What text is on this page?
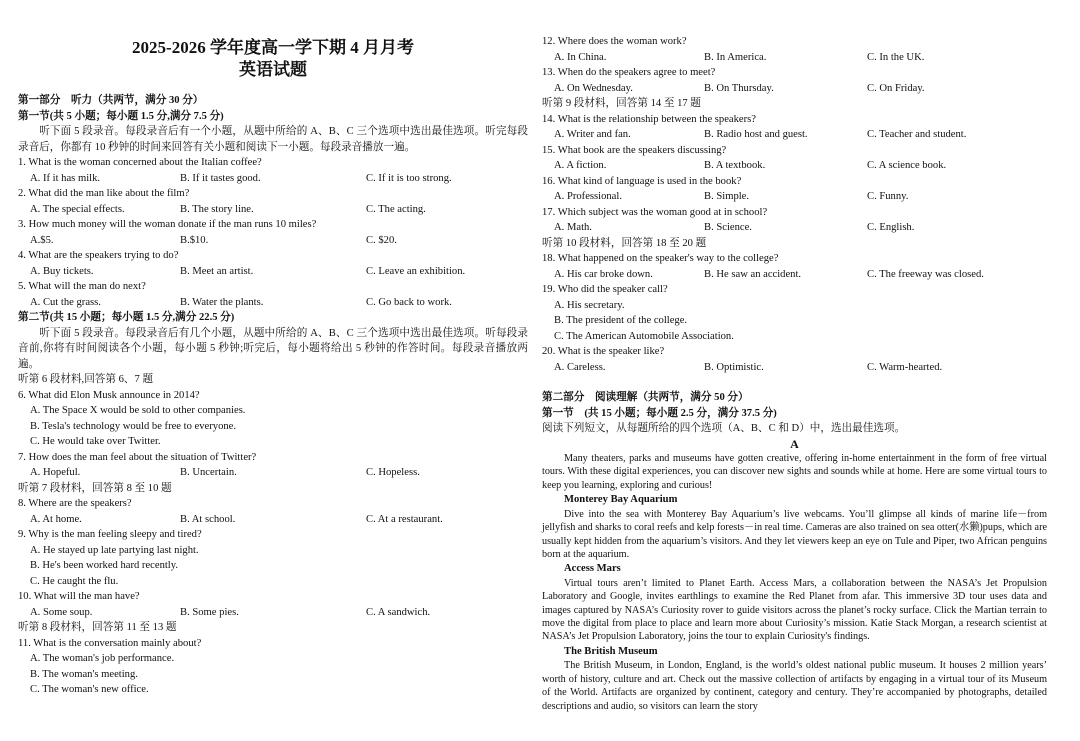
2025-2026 学年度高一学下期 4 月月考
英语试题
第一部分　听力（共两节，满分 30 分）
第一节(共 5 小题；每小题 1.5 分,满分 7.5 分)
听下面 5 段录音。每段录音后有一个小题，从题中所给的 A、B、C 三个选项中选出最佳选项。听完每段录音后，你都有 10 秒钟的时间来回答有关小题和阅读下一小题。每段录音播放一遍。
1. What is the woman concerned about the Italian coffee?
A. If it has milk.	B. If it tastes good.	C. If it is too strong.
2. What did the man like about the film?
A. The special effects.	B. The story line.	C. The acting.
3. How much money will the woman donate if the man runs 10 miles?
A.$5.	B.$10.	C. $20.
4. What are the speakers trying to do?
A. Buy tickets.	B. Meet an artist.	C. Leave an exhibition.
5. What will the man do next?
A. Cut the grass.	B. Water the plants.	C. Go back to work.
第二节(共 15 小题；每小题 1.5 分,满分 22.5 分)
听下面 5 段录音。每段录音后有几个小题，从题中所给的 A、B、C 三个选项中选出最佳选项。听每段录音前,你将有时间阅读各个小题，每小题 5 秒钟;听完后，每小题将给出 5 秒钟的作答时间。每段录音播放两遍。
听第 6 段材料,回答第 6、7 题
6. What did Elon Musk announce in 2014?
A. The Space X would be sold to other companies.
B. Tesla's technology would be free to everyone.
C. He would take over Twitter.
7. How does the man feel about the situation of Twitter?
A. Hopeful.	B. Uncertain.	C. Hopeless.
听第 7 段材料，回答第 8 至 10 题
8. Where are the speakers?
A. At home.	B. At school.	C. At a restaurant.
9. Why is the man feeling sleepy and tired?
A. He stayed up late partying last night.
B. He's been worked hard recently.
C. He caught the flu.
10. What will the man have?
A. Some soup.	B. Some pies.	C. A sandwich.
听第 8 段材料，回答第 11 至 13 题
11. What is the conversation mainly about?
A. The woman's job performance.
B. The woman's meeting.
C. The woman's new office.
12. Where does the woman work?
A. In China.	B. In America.	C. In the UK.
13. When do the speakers agree to meet?
A. On Wednesday.	B. On Thursday.	C. On Friday.
听第 9 段材料，回答第 14 至 17 题
14. What is the relationship between the speakers?
A. Writer and fan.	B. Radio host and guest.	C. Teacher and student.
15. What book are the speakers discussing?
A. A fiction.	B. A textbook.	C. A science book.
16. What kind of language is used in the book?
A. Professional.	B. Simple.	C. Funny.
17. Which subject was the woman good at in school?
A. Math.	B. Science.	C. English.
听第 10 段材料，回答第 18 至 20 题
18. What happened on the speaker's way to the college?
A. His car broke down.	B. He saw an accident.	C. The freeway was closed.
19. Who did the speaker call?
A. His secretary.
B. The president of the college.
C. The American Automobile Association.
20. What is the speaker like?
A. Careless.	B. Optimistic.	C. Warm-hearted.
第二部分　阅读理解（共两节，满分 50 分）
第一节　(共 15 小题；每小题 2.5 分，满分 37.5 分)
阅读下列短文，从每题所给的四个选项（A、B、C 和 D）中，选出最佳选项。
A
Many theaters, parks and museums have gotten creative, offering in-home entertainment in the form of free virtual tours. With these digital experiences, you can discover new sights and sounds while at home. Here are some virtual tours to keep you learning, exploring and curious!
Monterey Bay Aquarium
Dive into the sea with Monterey Bay Aquarium’s live webcams. You’ll glimpse all kinds of marine life－from jellyfish and sharks to coral reefs and kelp forests－in real time. Cameras are also trained on sea otter(水獭)pups, which are usually kept hidden from the aquarium’s visitors. And they let viewers keep an eye on Tule and Piper, two African penguins born at the aquarium.
Access Mars
Virtual tours aren’t limited to Planet Earth. Access Mars, a collaboration between the NASA’s Jet Propulsion Laboratory and Google, invites earthlings to examine the Red Planet from afar. This immersive 3D tour uses data and images captured by NASA’s Curiosity rover to guide visitors across the planet’s rocky surface. Click the Martian terrain to move the digital from place to place and learn more about Curiosity’s mission. Katie Stack Morgan, a research scientist at NASA’s Jet Propulsion Laboratory, joins the tour to explain Curiosity's findings.
The British Museum
The British Museum, in London, England, is the world’s oldest national public museum. It houses 2 million years’ worth of history, culture and art. Check out the massive collection of artifacts by engaging in a virtual tour of its Museum of the World. Artifacts are organized by continent, category and century. They’re accompanied by photographs, detailed descriptions and audio, so visitors can learn the story
